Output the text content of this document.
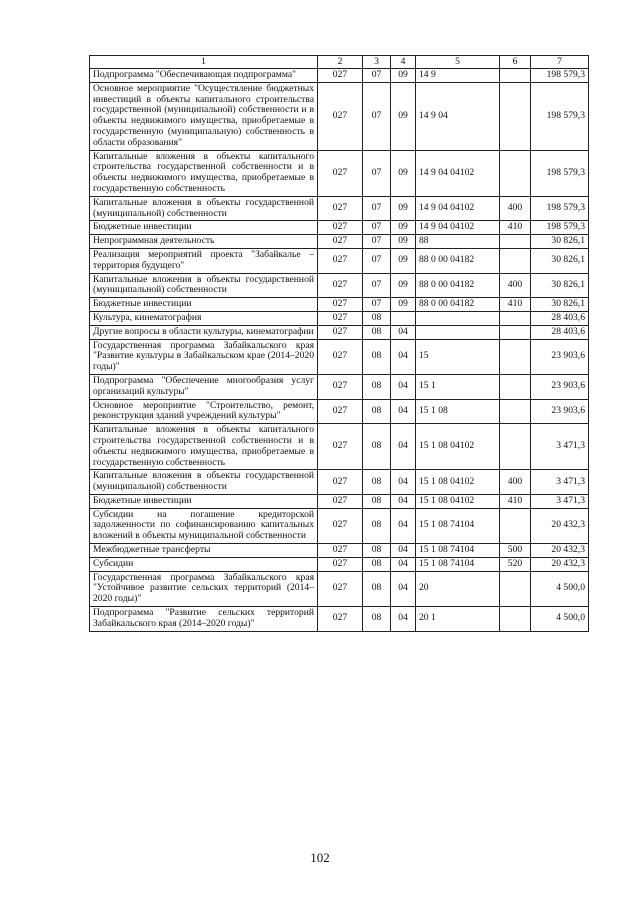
1	2	3	4	5	6	7
Подпрограмма "Обеспечивающая подпрограмма"	027	07	09	14 9		198 579,3
Основное мероприятие "Осуществление бюджетных инвестиций в объекты капитального строительства государственной (муниципальной) собственности и в объекты недвижимого имущества, приобретаемые в государственную (муниципальную) собственность в области образования"	027	07	09	14 9 04		198 579,3
Капитальные вложения в объекты капитального строительства государственной собственности и в объекты недвижимого имущества, приобретаемые в государственную собственность	027	07	09	14 9 04 04102		198 579,3
Капитальные вложения в объекты государственной (муниципальной) собственности	027	07	09	14 9 04 04102	400	198 579,3
Бюджетные инвестиции	027	07	09	14 9 04 04102	410	198 579,3
Непрограммная деятельность	027	07	09	88		30 826,1
Реализация мероприятий проекта "Забайкалье – территория будущего"	027	07	09	88 0 00 04182		30 826,1
Капитальные вложения в объекты государственной (муниципальной) собственности	027	07	09	88 0 00 04182	400	30 826,1
Бюджетные инвестиции	027	07	09	88 0 00 04182	410	30 826,1
Культура, кинематография	027	08				28 403,6
Другие вопросы в области культуры, кинематографии	027	08	04			28 403,6
Государственная программа Забайкальского края "Развитие культуры в Забайкальском крае (2014–2020 годы)"	027	08	04	15		23 903,6
Подпрограмма "Обеспечение многообразия услуг организаций культуры"	027	08	04	15 1		23 903,6
Основное мероприятие "Строительство, ремонт, реконструкция зданий учреждений культуры"	027	08	04	15 1 08		23 903,6
Капитальные вложения в объекты капитального строительства государственной собственности и в объекты недвижимого имущества, приобретаемые в государственную собственность	027	08	04	15 1 08 04102		3 471,3
Капитальные вложения в объекты государственной (муниципальной) собственности	027	08	04	15 1 08 04102	400	3 471,3
Бюджетные инвестиции	027	08	04	15 1 08 04102	410	3 471,3
Субсидии на погашение кредиторской задолженности по софинансированию капитальных вложений в объекты муниципальной собственности	027	08	04	15 1 08 74104		20 432,3
Межбюджетные трансферты	027	08	04	15 1 08 74104	500	20 432,3
Субсидии	027	08	04	15 1 08 74104	520	20 432,3
Государственная программа Забайкальского края "Устойчивое развитие сельских территорий (2014–2020 годы)"	027	08	04	20		4 500,0
Подпрограмма "Развитие сельских территорий Забайкальского края (2014–2020 годы)"	027	08	04	20 1		4 500,0
102
